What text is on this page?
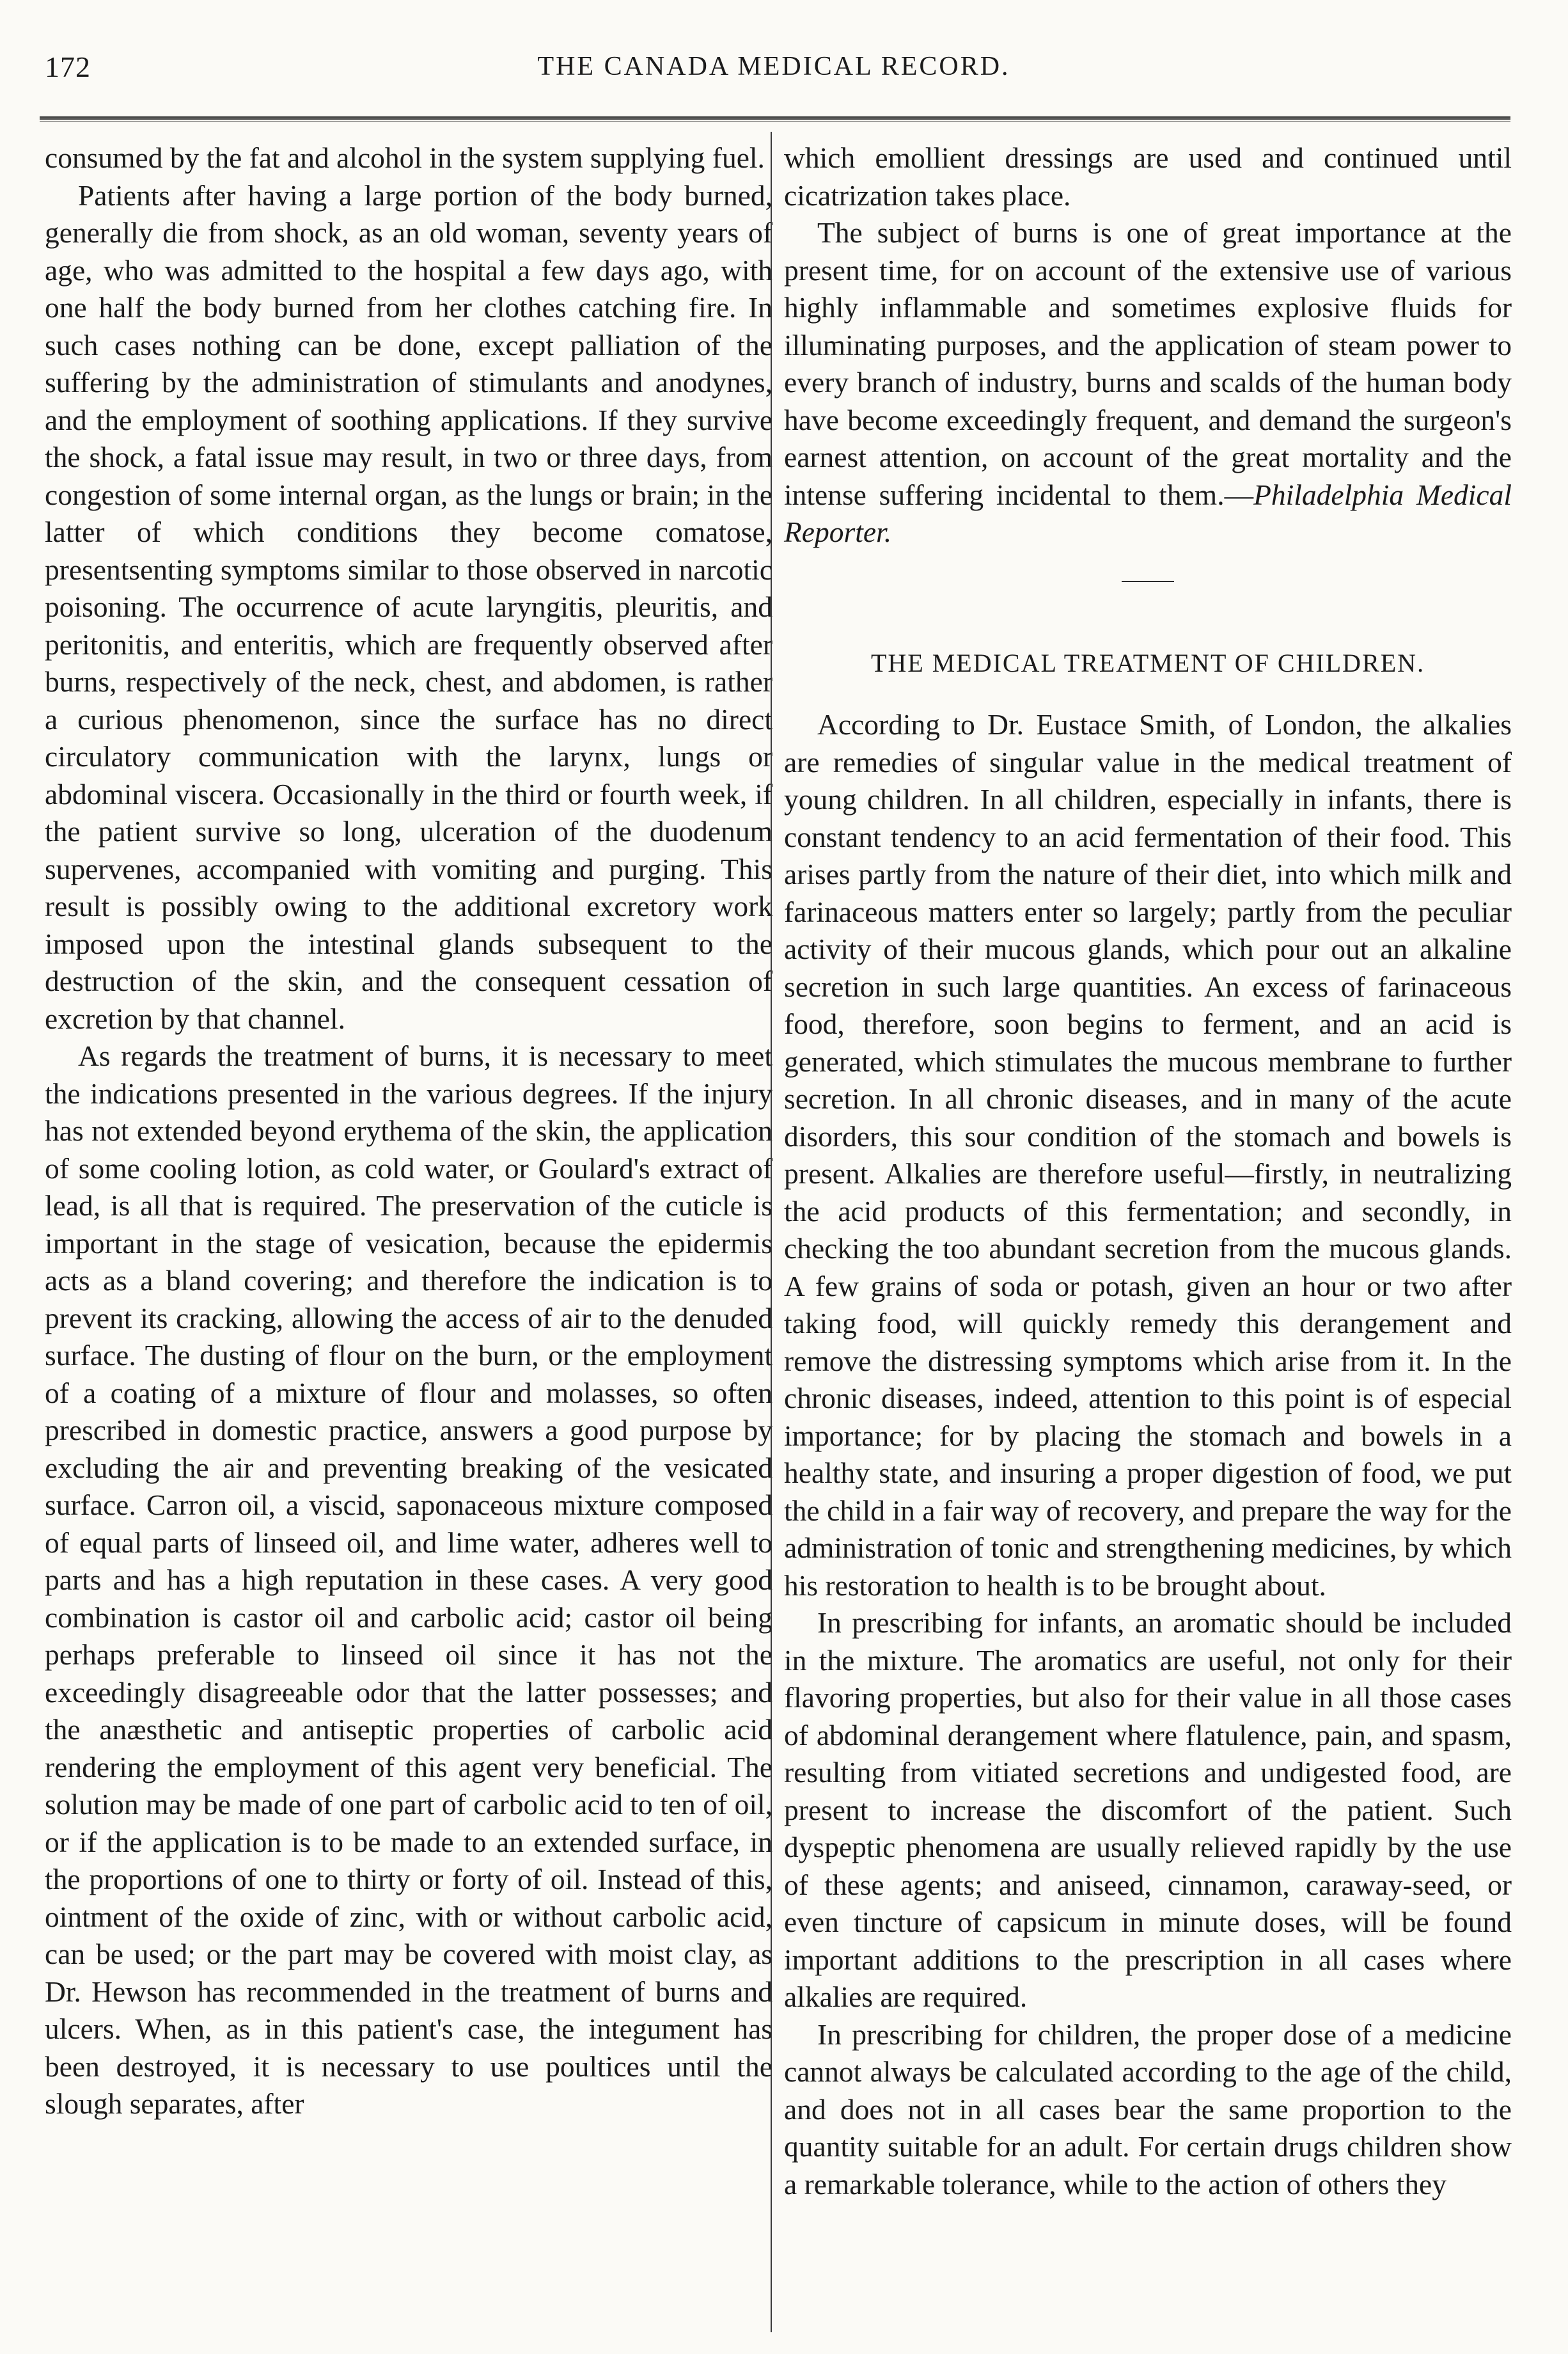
172	THE CANADA MEDICAL RECORD.

consumed by the fat and alcohol in the system supplying fuel.

Patients after having a large portion of the body burned, generally die from shock, as an old woman, seventy years of age, who was admitted to the hospital a few days ago, with one half the body burned from her clothes catching fire. In such cases nothing can be done, except palliation of the suffering by the administration of stimulants and anodynes, and the employment of soothing applications. If they survive the shock, a fatal issue may result, in two or three days, from congestion of some internal organ, as the lungs or brain; in the latter of which conditions they become comatose, presentsenting symptoms similar to those observed in narcotic poisoning. The occurrence of acute laryngitis, pleuritis, and peritonitis, and enteritis, which are frequently observed after burns, respectively of the neck, chest, and abdomen, is rather a curious phenomenon, since the surface has no direct circulatory communication with the larynx, lungs or abdominal viscera. Occasionally in the third or fourth week, if the patient survive so long, ulceration of the duodenum supervenes, accompanied with vomiting and purging. This result is possibly owing to the additional excretory work imposed upon the intestinal glands subsequent to the destruction of the skin, and the consequent cessation of excretion by that channel.

As regards the treatment of burns, it is necessary to meet the indications presented in the various degrees. If the injury has not extended beyond erythema of the skin, the application of some cooling lotion, as cold water, or Goulard's extract of lead, is all that is required. The preservation of the cuticle is important in the stage of vesication, because the epidermis acts as a bland covering; and therefore the indication is to prevent its cracking, allowing the access of air to the denuded surface. The dusting of flour on the burn, or the employment of a coating of a mixture of flour and molasses, so often prescribed in domestic practice, answers a good purpose by excluding the air and preventing breaking of the vesicated surface. Carron oil, a viscid, saponaceous mixture composed of equal parts of linseed oil, and lime water, adheres well to parts and has a high reputation in these cases. A very good combination is castor oil and carbolic acid; castor oil being perhaps preferable to linseed oil since it has not the exceedingly disagreeable odor that the latter possesses; and the anæsthetic and antiseptic properties of carbolic acid rendering the employment of this agent very beneficial. The solution may be made of one part of carbolic acid to ten of oil, or if the application is to be made to an extended surface, in the proportions of one to thirty or forty of oil. Instead of this, ointment of the oxide of zinc, with or without carbolic acid, can be used; or the part may be covered with moist clay, as Dr. Hewson has recommended in the treatment of burns and ulcers. When, as in this patient's case, the integument has been destroyed, it is necessary to use poultices until the slough separates, after

which emollient dressings are used and continued until cicatrization takes place.

The subject of burns is one of great importance at the present time, for on account of the extensive use of various highly inflammable and sometimes explosive fluids for illuminating purposes, and the application of steam power to every branch of industry, burns and scalds of the human body have become exceedingly frequent, and demand the surgeon's earnest attention, on account of the great mortality and the intense suffering incidental to them.—Philadelphia Medical Reporter.

THE MEDICAL TREATMENT OF CHILDREN.

According to Dr. Eustace Smith, of London, the alkalies are remedies of singular value in the medical treatment of young children. In all children, especially in infants, there is constant tendency to an acid fermentation of their food. This arises partly from the nature of their diet, into which milk and farinaceous matters enter so largely; partly from the peculiar activity of their mucous glands, which pour out an alkaline secretion in such large quantities. An excess of farinaceous food, therefore, soon begins to ferment, and an acid is generated, which stimulates the mucous membrane to further secretion. In all chronic diseases, and in many of the acute disorders, this sour condition of the stomach and bowels is present. Alkalies are therefore useful—firstly, in neutralizing the acid products of this fermentation; and secondly, in checking the too abundant secretion from the mucous glands. A few grains of soda or potash, given an hour or two after taking food, will quickly remedy this derangement and remove the distressing symptoms which arise from it. In the chronic diseases, indeed, attention to this point is of especial importance; for by placing the stomach and bowels in a healthy state, and insuring a proper digestion of food, we put the child in a fair way of recovery, and prepare the way for the administration of tonic and strengthening medicines, by which his restoration to health is to be brought about.

In prescribing for infants, an aromatic should be included in the mixture. The aromatics are useful, not only for their flavoring properties, but also for their value in all those cases of abdominal derangement where flatulence, pain, and spasm, resulting from vitiated secretions and undigested food, are present to increase the discomfort of the patient. Such dyspeptic phenomena are usually relieved rapidly by the use of these agents; and aniseed, cinnamon, caraway-seed, or even tincture of capsicum in minute doses, will be found important additions to the prescription in all cases where alkalies are required.

In prescribing for children, the proper dose of a medicine cannot always be calculated according to the age of the child, and does not in all cases bear the same proportion to the quantity suitable for an adult. For certain drugs children show a remarkable tolerance, while to the action of others they
